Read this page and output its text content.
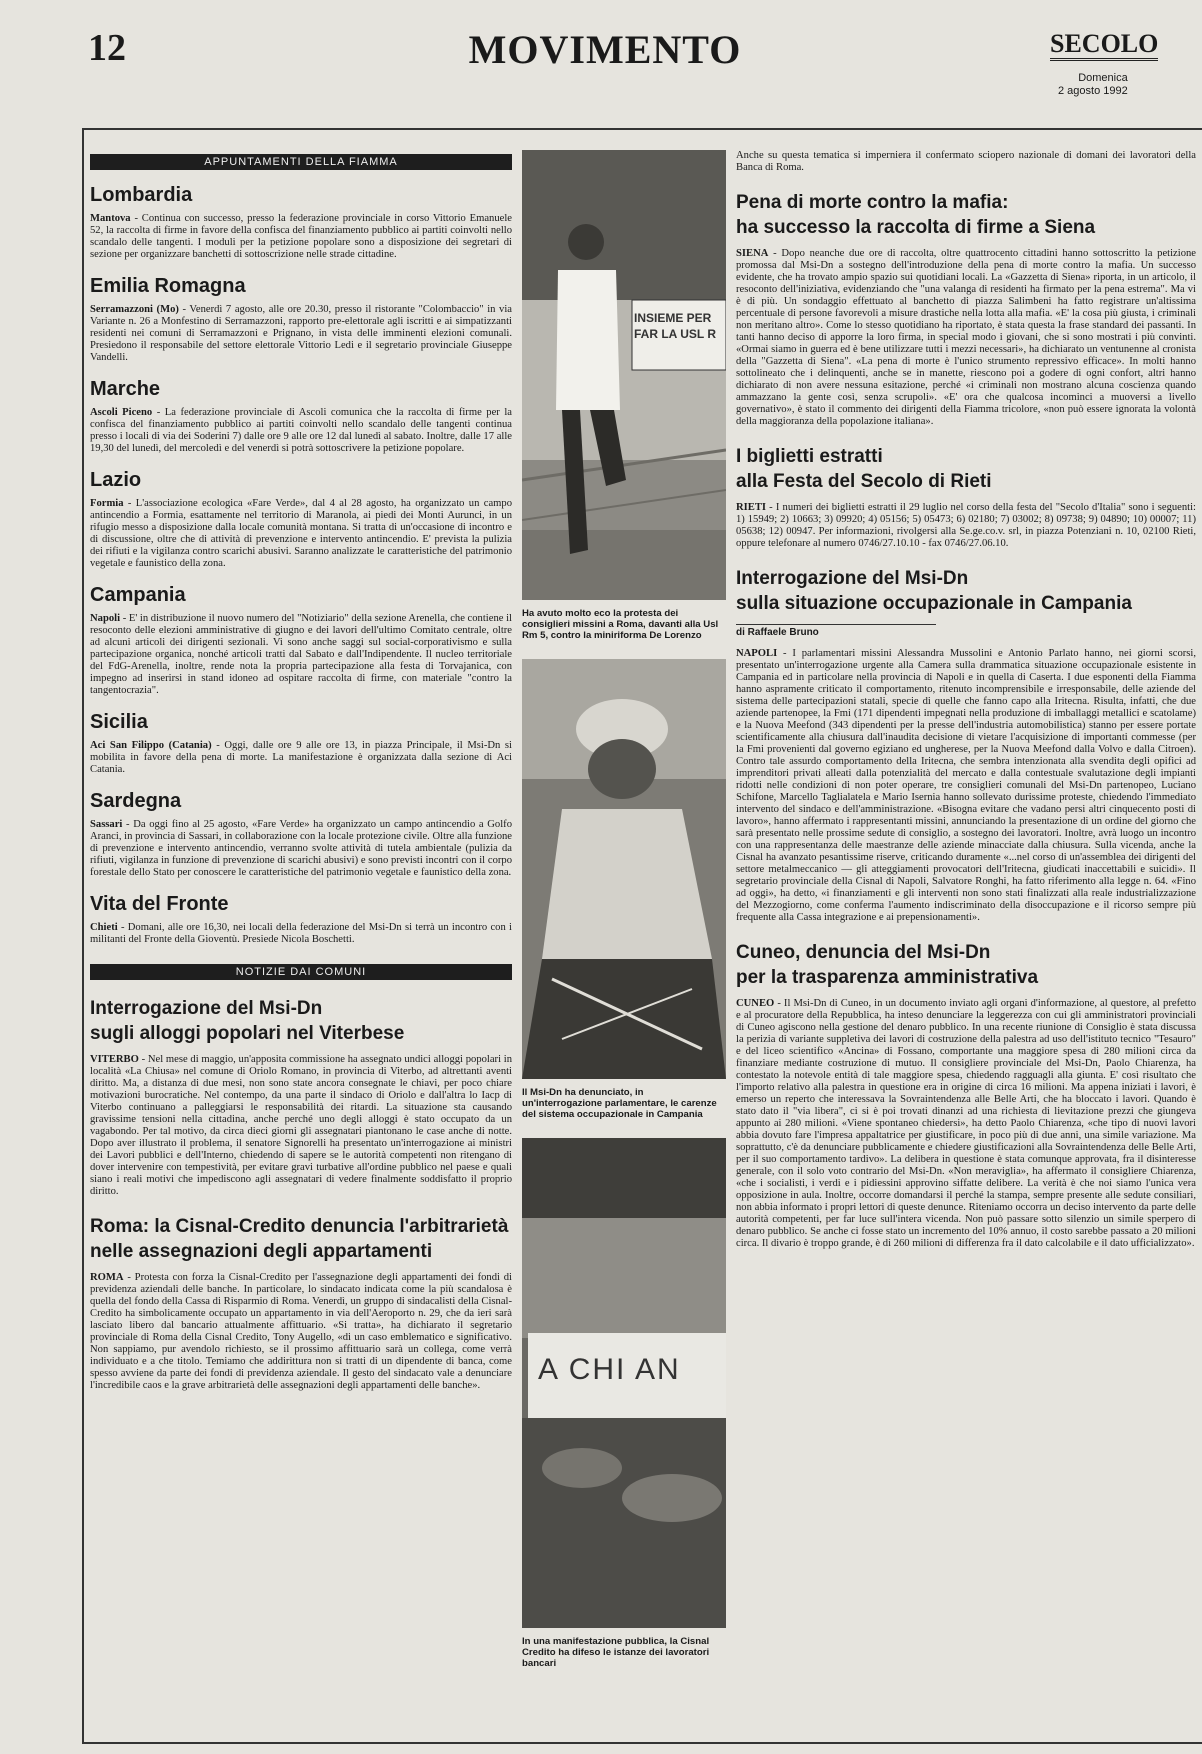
12	MOVIMENTO	SECOLO
Domenica
2 agosto 1992
APPUNTAMENTI DELLA FIAMMA
Lombardia

Mantova - Continua con successo, presso la federazione provinciale in corso Vittorio Emanuele 52, la raccolta di firme in favore della confisca del finanziamento pubblico ai partiti coinvolti nello scandalo delle tangenti. I moduli per la petizione popolare sono a disposizione dei segretari di sezione per organizzare banchetti di sottoscrizione nelle strade cittadine.

Emilia Romagna

Serramazzoni (Mo) - Venerdì 7 agosto, alle ore 20.30, presso il ristorante "Colombaccio" in via Variante n. 26 a Monfestino di Serramazzoni, rapporto pre-elettorale agli iscritti e ai simpatizzanti residenti nei comuni di Serramazzoni e Prignano, in vista delle imminenti elezioni comunali. Presiedono il responsabile del settore elettorale Vittorio Ledi e il segretario provinciale Giuseppe Vandelli.

Marche

Ascoli Piceno - La federazione provinciale di Ascoli comunica che la raccolta di firme per la confisca del finanziamento pubblico ai partiti coinvolti nello scandalo delle tangenti continua presso i locali di via dei Soderini 7) dalle ore 9 alle ore 12 dal lunedì al sabato. Inoltre, dalle 17 alle 19,30 del lunedì, del mercoledì e del venerdì si potrà sottoscrivere la petizione popolare.

Lazio

Formia - L'associazione ecologica «Fare Verde», dal 4 al 28 agosto, ha organizzato un campo antincendio a Formia, esattamente nel territorio di Maranola, ai piedi dei Monti Aurunci, in un rifugio messo a disposizione dalla locale comunità montana. Si tratta di un'occasione di incontro e di discussione, oltre che di attività di prevenzione e intervento antincendio. E' prevista la pulizia dei rifiuti e la vigilanza contro scarichi abusivi. Saranno analizzate le caratteristiche del patrimonio vegetale e faunistico della zona.

Campania

Napoli - E' in distribuzione il nuovo numero del "Notiziario" della sezione Arenella, che contiene il resoconto delle elezioni amministrative di giugno e dei lavori dell'ultimo Comitato centrale, oltre ad alcuni articoli dei dirigenti sezionali. Vi sono anche saggi sul social-corporativismo e sulla partecipazione organica, nonché articoli tratti dal Sabato e dall'Indipendente. Il nucleo territoriale del FdG-Arenella, inoltre, rende nota la propria partecipazione alla festa di Torvajanica, con impegno ad inserirsi in stand idoneo ad ospitare raccolta di firme, con materiale "contro la tangentocrazia".

Sicilia

Aci San Filippo (Catania) - Oggi, dalle ore 9 alle ore 13, in piazza Principale, il Msi-Dn si mobilita in favore della pena di morte. La manifestazione è organizzata dalla sezione di Aci Catania.

Sardegna

Sassari - Da oggi fino al 25 agosto, «Fare Verde» ha organizzato un campo antincendio a Golfo Aranci, in provincia di Sassari, in collaborazione con la locale protezione civile. Oltre alla funzione di prevenzione e intervento antincendio, verranno svolte attività di tutela ambientale (pulizia da rifiuti, vigilanza in funzione di prevenzione di scarichi abusivi) e sono previsti incontri con il corpo forestale dello Stato per conoscere le caratteristiche del patrimonio vegetale e faunistico della zona.

Vita del Fronte

Chieti - Domani, alle ore 16,30, nei locali della federazione del Msi-Dn si terrà un incontro con i militanti del Fronte della Gioventù. Presiede Nicola Boschetti.

NOTIZIE DAI COMUNI
Interrogazione del Msi-Dn
sugli alloggi popolari nel Viterbese

VITERBO - Nel mese di maggio, un'apposita commissione ha assegnato undici alloggi popolari in località «La Chiusa» nel comune di Oriolo Romano, in provincia di Viterbo, ad altrettanti aventi diritto. Ma, a distanza di due mesi, non sono state ancora consegnate le chiavi, per poco chiare motivazioni burocratiche. Nel contempo, da una parte il sindaco di Oriolo e dall'altra lo Iacp di Viterbo continuano a palleggiarsi le responsabilità dei ritardi. La situazione sta causando gravissime tensioni nella cittadina, anche perché uno degli alloggi è stato occupato da un vagabondo. Per tal motivo, da circa dieci giorni gli assegnatari piantonano le case anche di notte. Dopo aver illustrato il problema, il senatore Signorelli ha presentato un'interrogazione ai ministri dei Lavori pubblici e dell'Interno, chiedendo di sapere se le autorità competenti non ritengano di dover intervenire con tempestività, per evitare gravi turbative all'ordine pubblico nel paese e quali siano i reali motivi che impediscono agli assegnatari di vedere finalmente soddisfatto il proprio diritto.

Roma: la Cisnal-Credito denuncia l'arbitrarietà
nelle assegnazioni degli appartamenti

ROMA - Protesta con forza la Cisnal-Credito per l'assegnazione degli appartamenti dei fondi di previdenza aziendali delle banche. In particolare, lo sindacato indicata come la più scandalosa è quella del fondo della Cassa di Risparmio di Roma. Venerdì, un gruppo di sindacalisti della Cisnal-Credito ha simbolicamente occupato un appartamento in via dell'Aeroporto n. 29, che da ieri sarà lasciato libero dal bancario attualmente affittuario. «Si tratta», ha dichiarato il segretario provinciale di Roma della Cisnal Credito, Tony Augello, «di un caso emblematico e significativo. Non sappiamo, pur avendolo richiesto, se il prossimo affittuario sarà un collega, come verrà individuato e a che titolo. Temiamo che addirittura non si tratti di un dipendente di banca, come spesso avviene da parte dei fondi di previdenza aziendale. Il gesto del sindacato vale a denunciare l'incredibile caos e la grave arbitrarietà delle assegnazioni degli appartamenti delle banche».

INSIEME PER FAR LA USL R
Ha avuto molto eco la protesta dei consiglieri missini a Roma, davanti alla Usl Rm 5, contro la miniriforma De Lorenzo
Il Msi-Dn ha denunciato, in un'interrogazione parlamentare, le carenze del sistema occupazionale in Campania
A CHI AN
In una manifestazione pubblica, la Cisnal Credito ha difeso le istanze dei lavoratori bancari

Anche su questa tematica si imperniera il confermato sciopero nazionale di domani dei lavoratori della Banca di Roma.

Pena di morte contro la mafia:
ha successo la raccolta di firme a Siena

SIENA - Dopo neanche due ore di raccolta, oltre quattrocento cittadini hanno sottoscritto la petizione promossa dal Msi-Dn a sostegno dell'introduzione della pena di morte contro la mafia. Un successo evidente, che ha trovato ampio spazio sui quotidiani locali. La «Gazzetta di Siena» riporta, in un articolo, il resoconto dell'iniziativa, evidenziando che "una valanga di residenti ha firmato per la pena estrema". Ma vi è di più. Un sondaggio effettuato al banchetto di piazza Salimbeni ha fatto registrare un'altissima percentuale di persone favorevoli a misure drastiche nella lotta alla mafia. «E' la cosa più giusta, i criminali non meritano altro». Come lo stesso quotidiano ha riportato, è stata questa la frase standard dei passanti. In tanti hanno deciso di apporre la loro firma, in special modo i giovani, che si sono mostrati i più convinti. «Ormai siamo in guerra ed è bene utilizzare tutti i mezzi necessari», ha dichiarato un ventunenne al cronista della "Gazzetta di Siena". «La pena di morte è l'unico strumento repressivo efficace». In molti hanno sottolineato che i delinquenti, anche se in manette, riescono poi a godere di ogni confort, altri hanno dichiarato di non avere nessuna esitazione, perché «i criminali non mostrano alcuna coscienza quando ammazzano la gente così, senza scrupoli». «E' ora che qualcosa incominci a muoversi a livello governativo», è stato il commento dei dirigenti della Fiamma tricolore, «non può essere ignorata la volontà della maggioranza della popolazione italiana».

I biglietti estratti
alla Festa del Secolo di Rieti

RIETI - I numeri dei biglietti estratti il 29 luglio nel corso della festa del "Secolo d'Italia" sono i seguenti: 1) 15949; 2) 10663; 3) 09920; 4) 05156; 5) 05473; 6) 02180; 7) 03002; 8) 09738; 9) 04890; 10) 00007; 11) 05638; 12) 00947. Per informazioni, rivolgersi alla Se.ge.co.v. srl, in piazza Potenziani n. 10, 02100 Rieti, oppure telefonare al numero 0746/27.10.10 - fax 0746/27.06.10.

Interrogazione del Msi-Dn
sulla situazione occupazionale in Campania
di Raffaele Bruno

NAPOLI - I parlamentari missini Alessandra Mussolini e Antonio Parlato hanno, nei giorni scorsi, presentato un'interrogazione urgente alla Camera sulla drammatica situazione occupazionale esistente in Campania ed in particolare nella provincia di Napoli e in quella di Caserta. I due esponenti della Fiamma hanno aspramente criticato il comportamento, ritenuto incomprensibile e irresponsabile, delle aziende del sistema delle partecipazioni statali, specie di quelle che fanno capo alla Iritecna. Risulta, infatti, che due aziende partenopee, la Fmi (171 dipendenti impegnati nella produzione di imballaggi metallici e scatolame) e la Nuova Meefond (343 dipendenti per la presse dell'industria automobilistica) stanno per essere portate scientificamente alla chiusura dall'inaudita decisione di vietare l'acquisizione di importanti commesse (per la Fmi provenienti dal governo egiziano ed ungherese, per la Nuova Meefond dalla Volvo e dalla Citroen). Contro tale assurdo comportamento della Iritecna, che sembra intenzionata alla svendita degli opifici ad imprenditori privati alleati dalla potenzialità del mercato e dalla contestuale svalutazione degli impianti ridotti nelle condizioni di non poter operare, tre consiglieri comunali del Msi-Dn partenopeo, Luciano Schifone, Marcello Taglialatela e Mario Isernia hanno sollevato durissime proteste, chiedendo l'immediato intervento del sindaco e dell'amministrazione. «Bisogna evitare che vadano persi altri cinquecento posti di lavoro», hanno affermato i rappresentanti missini, annunciando la presentazione di un ordine del giorno che sarà presentato nelle prossime sedute di consiglio, a sostegno dei lavoratori. Inoltre, avrà luogo un incontro con una rappresentanza delle maestranze delle aziende minacciate dalla chiusura. Sulla vicenda, anche la Cisnal ha avanzato pesantissime riserve, criticando duramente «...nel corso di un'assemblea dei dirigenti del settore metalmeccanico — gli atteggiamenti provocatori dell'Iritecna, giudicati inaccettabili e suicidi». Il segretario provinciale della Cisnal di Napoli, Salvatore Ronghi, ha fatto riferimento alla legge n. 64. «Fino ad oggi», ha detto, «i finanziamenti e gli interventi non sono stati finalizzati alla reale industrializzazione del Mezzogiorno, come conferma l'aumento indiscriminato della disoccupazione e il ricorso sempre più frequente alla Cassa integrazione e ai prepensionamenti».

Cuneo, denuncia del Msi-Dn
per la trasparenza amministrativa

CUNEO - Il Msi-Dn di Cuneo, in un documento inviato agli organi d'informazione, al questore, al prefetto e al procuratore della Repubblica, ha inteso denunciare la leggerezza con cui gli amministratori provinciali di Cuneo agiscono nella gestione del denaro pubblico. In una recente riunione di Consiglio è stata discussa la perizia di variante suppletiva dei lavori di costruzione della palestra ad uso dell'istituto tecnico "Tesauro" e del liceo scientifico «Ancina» di Fossano, comportante una maggiore spesa di 280 milioni circa da finanziare mediante costruzione di mutuo. Il consigliere provinciale del Msi-Dn, Paolo Chiarenza, ha contestato la notevole entità di tale maggiore spesa, chiedendo ragguagli alla giunta. E' così risultato che l'importo relativo alla palestra in questione era in origine di circa 16 milioni. Ma appena iniziati i lavori, è emerso un reperto che interessava la Sovraintendenza alle Belle Arti, che ha bloccato i lavori. Quando è stato dato il "via libera", ci si è poi trovati dinanzi ad una richiesta di lievitazione prezzi che giungeva appunto ai 280 milioni. «Viene spontaneo chiedersi», ha detto Paolo Chiarenza, «che tipo di nuovi lavori abbia dovuto fare l'impresa appaltatrice per giustificare, in poco più di due anni, una simile variazione. Ma soprattutto, c'è da denunciare pubblicamente e chiedere giustificazioni alla Sovraintendenza delle Belle Arti, per il suo comportamento tardivo». La delibera in questione è stata comunque approvata, fra il disinteresse generale, con il solo voto contrario del Msi-Dn. «Non meraviglia», ha affermato il consigliere Chiarenza, «che i socialisti, i verdi e i pidiessini approvino siffatte delibere. La verità è che noi siamo l'unica vera opposizione in aula. Inoltre, occorre domandarsi il perché la stampa, sempre presente alle sedute consiliari, non abbia informato i propri lettori di queste denunce. Riteniamo occorra un deciso intervento da parte delle autorità competenti, per far luce sull'intera vicenda. Non può passare sotto silenzio un simile sperpero di denaro pubblico. Se anche ci fosse stato un incremento del 10% annuo, il costo sarebbe passato a 20 milioni circa. Il divario è troppo grande, è di 260 milioni di differenza fra il dato calcolabile e il dato ufficializzato».
